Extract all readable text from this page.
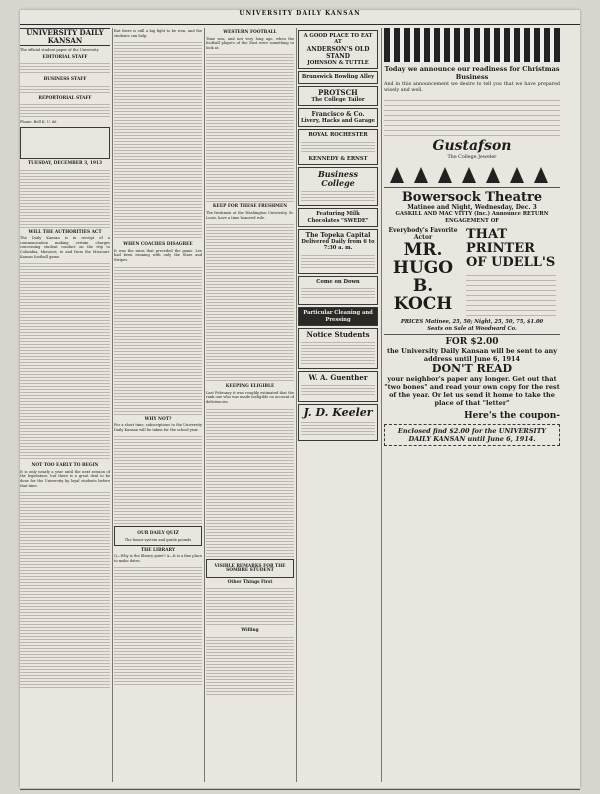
UNIVERSITY DAILY KANSAN
UNIVERSITY DAILY KANSAN
The official student paper of the University
EDITORIAL STAFF
BUSINESS STAFF
REPORTORIAL STAFF
Phone: Bell K. U. 66
TUESDAY, DECEMBER 3, 1913
WILL THE AUTHORITIES ACT
The Daily Kansan is in receipt of a communication making certain charges concerning student conduct on the trip to Columbia, Missouri, to and from the Missouri-Kansas football game.
NOT TOO EARLY TO BEGIN
It is only nearly a year until the next session of the legislature, but there is a great deal to be done for the University by loyal students before that time.
But there is still a big fight to be won, and the students can help.
WHEN COACHES DISAGREE
It was the rains that preceded the game. Lee had been running with only the Stars and Stripes.
WHY NOT?
For a short time, subscriptions to the University Daily Kansan will be taken for the school year.
OUR DAILY QUIZ
The honor system and grade pounds
THE LIBRARY
Q—Why is the library quiet? A—It is a fine place to make dates.
WESTERN FOOTBALL
Time was, and not very long ago, when the football players of the East were something to look at.
KEEP FOR THESE FRESHMEN
The freshmen at the Washington University, St. Louis, have a time honored rule.
KEEPING ELIGIBLE
Last February it was roughly estimated that the rank one who was made ineligible on account of deficiencies.
VISIBLE REMARKS FOR THE SOMBRE STUDENT
Other Things First
Willing
A GOOD PLACE TO EAT AT
ANDERSON'S OLD STAND
JOHNSON & TUTTLE
Brunswick Bowling Alley
PROTSCH
The College Tailor
Francisco & Co.
Livery, Hacks and Garage
ROYAL ROCHESTER
KENNEDY & ERNST
Business College
Featuring Milk Chocolates "SWEDE"
The Topeka Capital
Delivered Daily from 6 to 7:30 a. m.
Come on Down
Particular Cleaning and Pressing
Notice Students
W. A. Guenther
J. D. Keeler
Today we announce our readiness for Christmas Business
And in this announcement we desire to tell you that we have prepared wisely and well.
Gustafson
The College Jeweler
Bowersock Theatre
Matinee and Night, Wednesday, Dec. 3
GASKILL AND MAC VITTY (Inc.) Announce RETURN ENGAGEMENT OF
Everybody's Favorite Actor
MR.
HUGO
B.
KOCH
THAT
PRINTER OF UDELL'S
PRICES Matinee, 25, 50; Night, 25, 50, 75, $1.00
Seats on Sale at Woodward Co.
FOR $2.00
the University Daily Kansan will be sent to any address until June 6, 1914
DON'T READ
your neighbor's paper any longer. Get out that "two bones" and read your own copy for the rest of the year. Or let us send it home to take the place of that "letter"
Here's the coupon-
Enclosed find $2.00 for the UNIVERSITY DAILY KANSAN until June 6, 1914.
